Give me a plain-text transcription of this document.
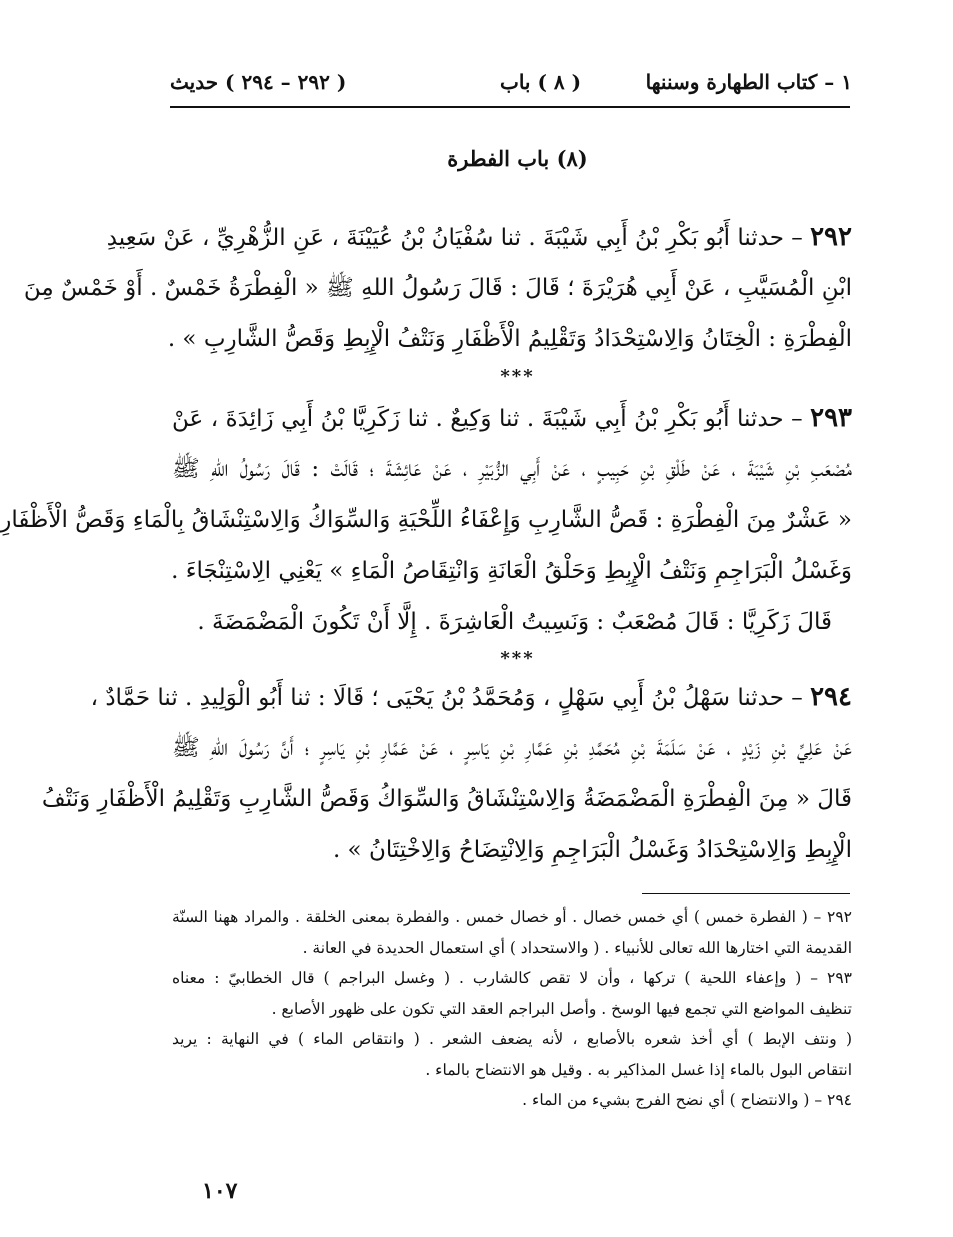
١ – كتاب الطهارة وسننها
( ٨ ) باب
( ٢٩٢ – ٢٩٤ ) حديث
(٨) باب الفطرة
٢٩٢ – حدثنا أَبُو بَكْرِ بْنُ أَبِي شَيْبَةَ . ثنا سُفْيَانُ بْنُ عُيَيْنَةَ ، عَنِ الزُّهْرِيِّ ، عَنْ سَعِيدِ
ابْنِ الْمُسَيَّبِ ، عَنْ أَبِي هُرَيْرَةَ ؛ قَالَ : قَالَ رَسُولُ اللهِ ﷺ « الْفِطْرَةُ خَمْسٌ . أَوْ خَمْسٌ مِنَ
الْفِطْرَةِ : الْخِتَانُ وَالِاسْتِحْدَادُ وَتَقْلِيمُ الْأَظْفَارِ وَنَتْفُ الْإِبِطِ وَقَصُّ الشَّارِبِ » .
***
٢٩٣ – حدثنا أَبُو بَكْرِ بْنُ أَبِي شَيْبَةَ . ثنا وَكِيعٌ . ثنا زَكَرِيَّا بْنُ أَبِي زَائِدَةَ ، عَنْ
مُصْعَبِ بْنِ شَيْبَةَ ، عَنْ طَلْقِ بْنِ حَبِيبٍ ، عَنْ أَبِي الزُّبَيْرِ ، عَنْ عَائِشَةَ ؛ قَالَتْ : قَالَ رَسُولُ اللهِ ﷺ
« عَشْرٌ مِنَ الْفِطْرَةِ : قَصُّ الشَّارِبِ وَإِعْفَاءُ اللِّحْيَةِ وَالسِّوَاكُ وَالِاسْتِنْشَاقُ بِالْمَاءِ وَقَصُّ الْأَظْفَارِ
وَغَسْلُ الْبَرَاجِمِ وَنَتْفُ الْإِبِطِ وَحَلْقُ الْعَانَةِ وَانْتِقَاصُ الْمَاءِ » يَعْنِي الِاسْتِنْجَاءَ .
قَالَ زَكَرِيَّا : قَالَ مُصْعَبٌ : وَنَسِيتُ الْعَاشِرَةَ . إِلَّا أَنْ تَكُونَ الْمَضْمَضَةَ .
***
٢٩٤ – حدثنا سَهْلُ بْنُ أَبِي سَهْلٍ ، وَمُحَمَّدُ بْنُ يَحْيَى ؛ قَالَا : ثنا أَبُو الْوَلِيدِ . ثنا حَمَّادٌ ،
عَنْ عَلِيِّ بْنِ زَيْدٍ ، عَنْ سَلَمَةَ بْنِ مُحَمَّدِ بْنِ عَمَّارِ بْنِ يَاسِرٍ ، عَنْ عَمَّارِ بْنِ يَاسِرٍ ؛ أَنَّ رَسُولَ اللهِ ﷺ
قَالَ « مِنَ الْفِطْرَةِ الْمَضْمَضَةُ وَالِاسْتِنْشَاقُ وَالسِّوَاكُ وَقَصُّ الشَّارِبِ وَتَقْلِيمُ الْأَظْفَارِ وَنَتْفُ
الْإِبِطِ وَالِاسْتِحْدَادُ وَغَسْلُ الْبَرَاجِمِ وَالِانْتِضَاحُ وَالِاخْتِتَانُ » .
٢٩٢ – ( الفطرة خمس ) أي خمس خصال . أو خصال خمس . والفطرة بمعنى الخلقة . والمراد ههنا السنّة
القديمة التي اختارها الله تعالى للأنبياء . ( والاستحداد ) أي استعمال الحديدة في العانة .
٢٩٣ – ( وإعفاء اللحية ) تركها ، وأن لا تقص كالشارب . ( وغسل البراجم ) قال الخطابيّ : معناه
تنظيف المواضع التي تجمع فيها الوسخ . وأصل البراجم العقد التي تكون على ظهور الأصابع .
( ونتف الإبط ) أي أخذ شعره بالأصابع ، لأنه يضعف الشعر . ( وانتقاص الماء ) في النهاية : يريد
انتقاص البول بالماء إذا غسل المذاكير به . وقيل هو الانتضاح بالماء .
٢٩٤ – ( والانتضاح ) أي نضح الفرج بشيء من الماء .
١٠٧
